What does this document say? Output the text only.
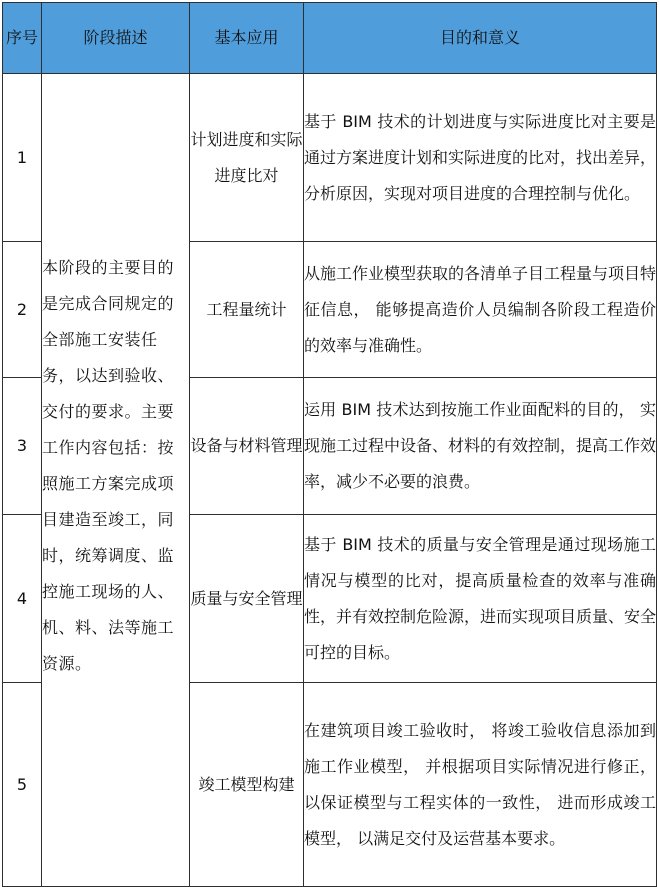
序号	阶段描述	基本应用	目的和意义
1	本阶段的主要目的是完成合同规定的全部施工安装任务，以达到验收、交付的要求。主要工作内容包括：按照施工方案完成项目建造至竣工，同时，统筹调度、监控施工现场的人、机、料、法等施工资源。	计划进度和实际进度比对	基于 BIM 技术的计划进度与实际进度比对主要是通过方案进度计划和实际进度的比对，找出差异，分析原因，实现对项目进度的合理控制与优化。
2		工程量统计	从施工作业模型获取的各清单子目工程量与项目特征信息， 能够提高造价人员编制各阶段工程造价的效率与准确性。
3		设备与材料管理	运用 BIM 技术达到按施工作业面配料的目的， 实现施工过程中设备、材料的有效控制，提高工作效率，减少不必要的浪费。
4		质量与安全管理	基于 BIM 技术的质量与安全管理是通过现场施工情况与模型的比对，提高质量检查的效率与准确性，并有效控制危险源，进而实现项目质量、安全可控的目标。
5		竣工模型构建	在建筑项目竣工验收时， 将竣工验收信息添加到施工作业模型， 并根据项目实际情况进行修正，以保证模型与工程实体的一致性， 进而形成竣工模型， 以满足交付及运营基本要求。
